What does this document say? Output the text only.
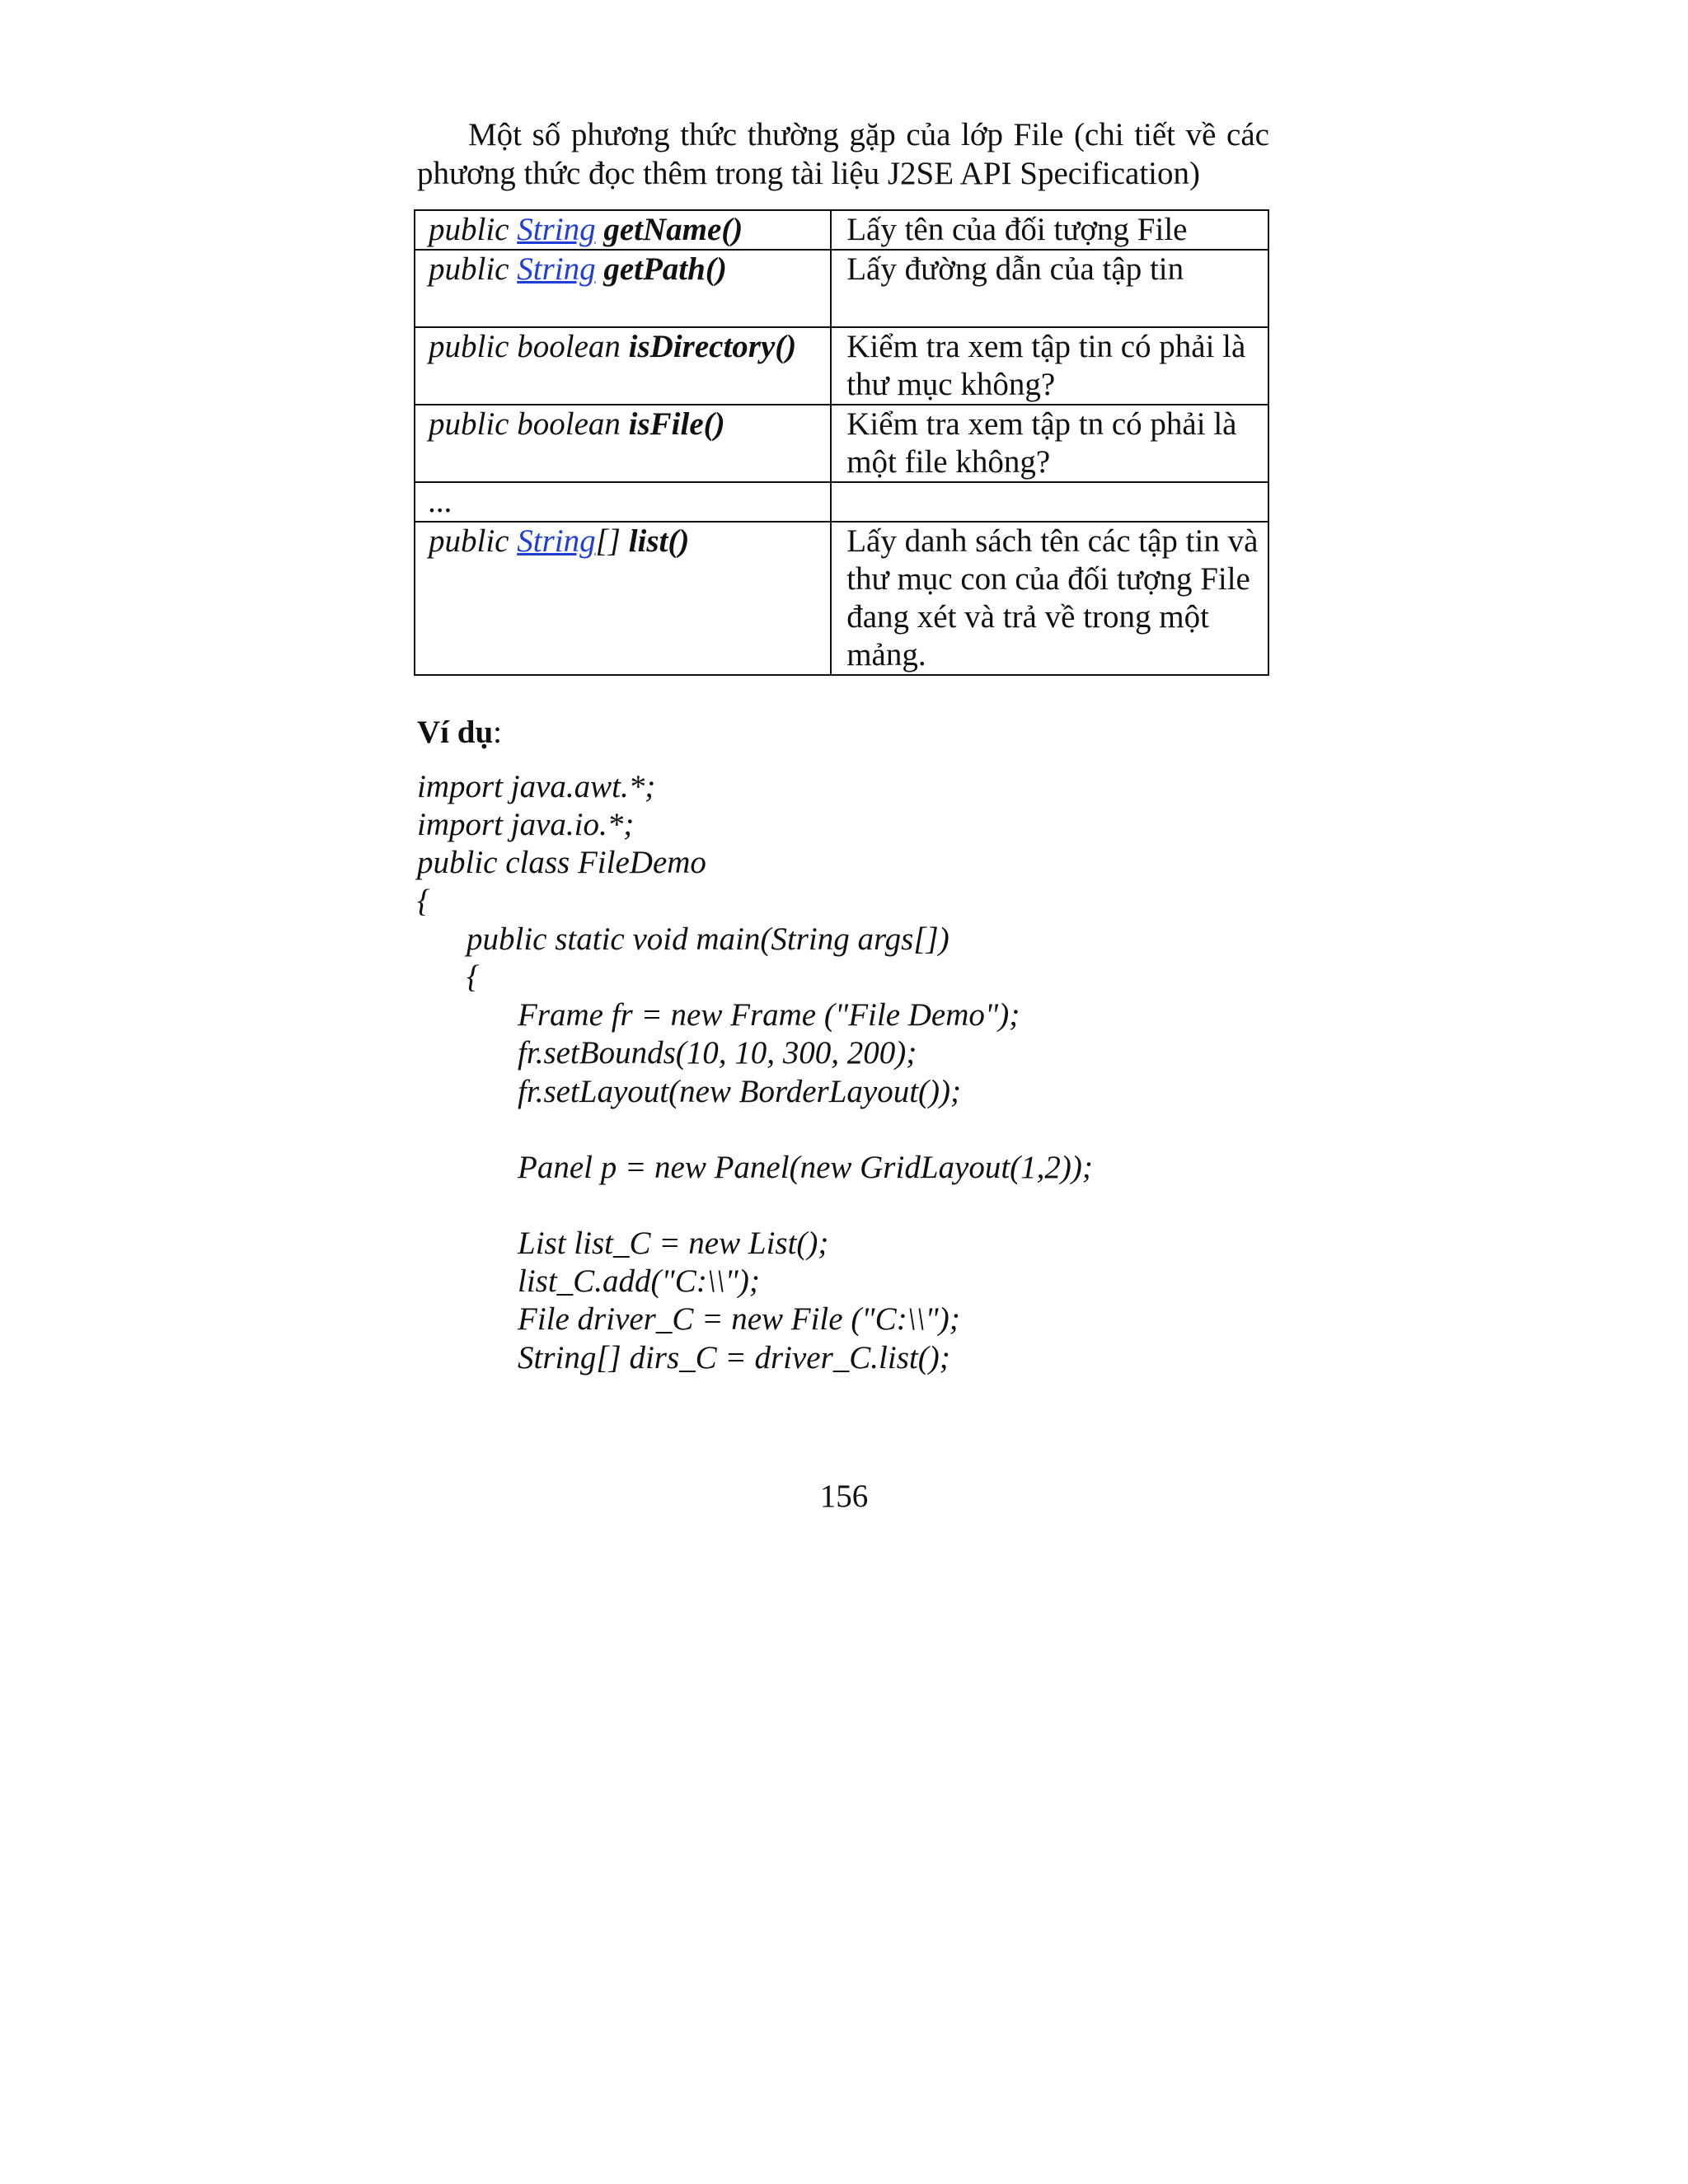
Một số phương thức thường gặp của lớp File (chi tiết về các
phương thức đọc thêm trong tài liệu J2SE API Specification)

public String getName()	Lấy tên của đối tượng File
public String getPath()	Lấy đường dẫn của tập tin
public boolean isDirectory()	Kiểm tra xem tập tin có phải là thư mục không?
public boolean isFile()	Kiểm tra xem tập tn có phải là một file không?
...	
public String[] list()	Lấy danh sách tên các tập tin và thư mục con của đối tượng File đang xét và trả về trong một mảng.

Ví dụ:

import java.awt.*;
import java.io.*;
public class FileDemo
{
public static void main(String args[])
{
Frame fr = new Frame ("File Demo");
fr.setBounds(10, 10, 300, 200);
fr.setLayout(new BorderLayout());
Panel p = new Panel(new GridLayout(1,2));
List list_C = new List();
list_C.add("C:\\");
File driver_C = new File ("C:\\");
String[] dirs_C = driver_C.list();

156
